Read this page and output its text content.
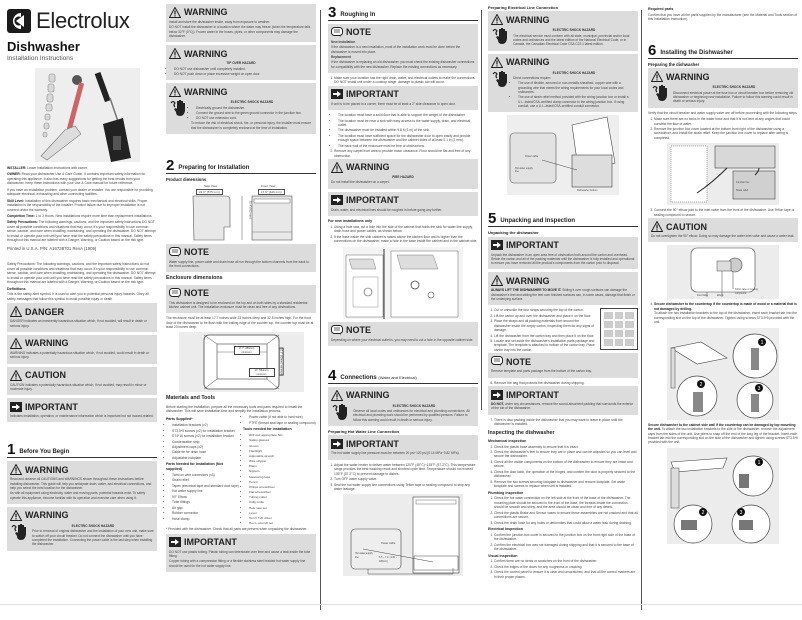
Electrolux
Dishwasher
Installation Instructions

INSTALLER: Leave installation instructions with owner.

OWNER: Read your dishwasher Use & Care Guide. It contains important safety information for operating this appliance. It also has many suggestions for getting the best results from your dishwasher. Keep these instructions with your Use & Care manual for future reference.

If you have an installation problem, contact your dealer or installer. You are responsible for providing adequate electrical, exhausting and other connecting facilities.

Skill Level: Installation of this dishwasher requires basic mechanical and electrical skills. Proper installation is the responsibility of the installer. Product failure due to improper installation is not covered under the warranty.

Completion Time: 1 to 3 Hours. New installations require more time than replacement installations.

Safety Precautions: The following warnings, cautions, and the important safety instructions DO NOT cover all possible conditions and situations that may occur. It's your responsibility to use common sense, caution, and care when installing, maintaining, and operating the dishwasher. DO NOT attempt to install or operate your unit until you have read the safety precautions in this manual. Safety items throughout this manual are labeled with a Danger, Warning, or Caution based on the risk type.

Printed in U.S.A. P/N: A16738701 RevA (1909)

Safety Precautions: The following warnings, cautions, and the important safety instructions do not cover all possible conditions and situations that may occur. It's your responsibility to use common sense, caution, and care when installing, maintaining, and operating the dishwasher. DO NOT attempt to install or operate your unit until you have read the safety precautions in this manual. Safety items throughout this manual are labeled with a Danger, Warning, or Caution based on the risk type.

Definitions

This is the safety alert symbol. It is used to alert you to potential personal injury hazards. Obey all safety messages that follow this symbol to avoid possible injury or death.

DANGER

DANGER indicates an imminently hazardous situation which, if not avoided, will result in death or serious injury.

WARNING

WARNING indicates a potentially hazardous situation which, if not avoided, could result in death or serious injury.

CAUTION

CAUTION indicates a potentially hazardous situation which, if not avoided, may result in minor or moderate injury.

IMPORTANT

Indicates installation, operation, or maintenance information which is important but not hazard-related.

1 Before You Begin
WARNING

Read and observe all CAUTIONS and WARNINGS shown throughout these instructions before installing dishwasher. This guide will help you anticipate drain, water, and electrical connections, and help you select the best location for the dishwasher.

As with all equipment using electricity, water and moving parts, potential hazards exist. To safely operate this appliance, become familiar with its operation and exercise care when using it.

WARNING
ELECTRIC SHOCK HAZARD

Prior to removal of original dishwasher and the installation of your new unit, make sure to switch off your circuit breaker. Do not connect the dishwasher until you have completed the installation. Connecting the power cable is the last step when installing the dishwasher.

WARNING

Install and store the dishwasher inside, away from exposure to weather.

DO NOT install the dishwasher in a location where the water may freeze (when the temperature falls below 32°F (0°C)). Frozen water in the hoses, pipes, or other components may damage the dishwasher.

WARNING
TIP OVER HAZARD
• DO NOT use dishwasher until completely installed.
• DO NOT push down or place excessive weight on open door.
WARNING
ELECTRIC SHOCK HAZARD
• Electrically ground the dishwasher.
• Connect the ground wire to the green ground connector in the junction box.
• DO NOT use extension cord.

To reduce the risk of electrical shock, fire, or personal injury, the installer must ensure that the dishwasher is completely enclosed at the time of installation.

2 Preparing for Installation
Product dimensions
Side View	Front View
22.6" (575 mm)	17.6" (446 mm)
32.4" (822 mm)
NOTE

Water supply line, power cable and drain hose all run through the bottom channels from the back to the front connections.

Enclosure dimensions
NOTE

This dishwasher is designed to be enclosed on the top and on both sides by a standard residential kitchen cabinet unit. The installation enclosure must be clean and free of any obstructions.

The enclosure must be at least 17.7 inches wide 23 inches deep and 32.5 inches high. For the front door of the dishwasher to be flush with the trailing edge of the counter top, the counter top must be at least 23 inches deep.

17.7" (450mm) minimum
23" (584mm) minimum	32.5" (826mm) minimum
Materials and Tools

Before starting the installation, prepare all the necessary tools and parts required to install the dishwasher. This will save installation time and simplify the installation process.

Parts Supplied*
• Installation brackets (x2)
• ST3.5*9 screws (x2) for installation bracket
• ST4*16 screws (x2) for installation bracket
• Condensation strip
• Adjustment caps (x2)
• Cable tie for drain hose
• Adjustable kickplate
Parts Needed for Installation (Not supplied)
• Twist on wire connectors (x3)
• Strain relief
• Tapes (electrical tape and standard duct tape)
• Hot water supply line
• 90° Elbow
• Tube fittings
• Air gap
• Rubber connector
• Hose clamp
• Power cable (if not able to hard wire)
• PTFE (thread seal tape or sealing compound)
Tools needed for installation
• Drill and appropriate bits
• Safety glasses
• Gloves
• Flashlight
• Adjustable wrench
• Wire stripper
• Pliers
• Nippers
• Measuring tape
• Pencil
• Philips screwdriver
• Flat screwdriver
• Tubing cutter
• Utility knife
• Hole saw set
• Level
• Torx® T20 driver
• Hex L-wrench set

* Provided with the dishwasher. Check that all parts are present when unpacking the dishwasher.

IMPORTANT

DO NOT use plastic tubing. Plastic tubing can deteriorate over time and cause a leak inside the tube fitting.

Copper tubing with a compression fitting or a flexible stainless steel braided hot water supply line should be used for the hot water supply line.

3 Roughing In
NOTE

New installation

If the dishwasher is a new installation, most of the installation work must be done before the dishwasher is moved into place.

Replacement

If the dishwasher is replacing an old dishwasher, you must check the existing dishwasher connections for compatibility with the new dishwasher. Replace the existing connections as necessary.

1. Make sure your location has the right drain, water, and electrical outlets to make the connections. DO NOT install unit under a cooktop range, damage to plastic tub will occur.
IMPORTANT

If unit is to be placed in a corner, there must be at least a 2" side clearance to open door.

• The location must have a solid floor that is able to support the weight of the dishwasher.
• The location must be near a sink with easy access to the water supply, drain, and electrical outlet.
• The dishwasher must be installed within 9.8 ft (3 m) of the sink.
• The location must have sufficient space for the dishwasher door to open easily and provide enough space between the dishwasher and the cabinet sides of at least 0.1 in (2 mm).
• The back wall of the enclosure must be free of obstructions.
2. Remove any carpet from area to provide motor clearance. Floor should be flat and free of any obstruction.
WARNING
FIRE HAZARD

Do not install the dishwasher on a carpet.

IMPORTANT

Drain, water, and electrical lines should be roughed in before going any further.

For new installations only
1. Using a hole saw, cut a hole into the side of the cabinet that holds the sink for water line supply, drain hose and power cables, as shown below.
2. If the base inside the sink cabinet is raised above the kitchen floor and is higher than the connections on the dishwasher, make a hole in the base inside the cabinet and in the cabinet side.
NOTE

Depending on where your electrical outlet is, you may need to cut a hole in the opposite cabinet side.

4 Connections (Water and Electrical)
WARNING
ELECTRIC SHOCK HAZARD

Observe all local codes and ordinances for electrical and plumbing connections. All electrical and plumbing work should be performed by qualified persons. Failure to follow this warning could result in death or serious injury.

Preparing Hot Water Line Connection
IMPORTANT

The hot water supply line pressure must be between 20 psi~120 psi (0.14 MPa~0.82 MPa).

1. Adjust the water heater to deliver water between 120°F (49°C)~135°F (57.2°C). This temperature range provides the best washing result and shortest cycle time. Temperature should not exceed 135°F (57.2°C) to prevent damage to dishes.
2. Turn OFF water supply valve.
3. Seal the hot water supply line connections using Teflon tape or sealing compound to stop any water leakage.
Power cable
Hot water supply line	5.5 ~ 7 in. (140 ~ 180mm)
Preparing Electrical Line Connection
WARNING
ELECTRIC SHOCK HAZARD

The electrical service must conform with all state, municipal, provincial and/or local codes and ordinances and the latest edition of the National Electrical Code, or in Canada, the Canadian Electrical Code CSA C22.1 latest edition.

WARNING
ELECTRIC SHOCK HAZARD

Direct connections require:

• The use of flexible, armored or non-metallic sheathed, copper wire with a grounding wire that meets the wiring requirements for your local codes and ordinances.
• The use of strain relief method provided with the wiring junction box or install a U.L.-listed/CSA-certified clamp connector to the wiring junction box. If using conduit, use a U.L.-listed/CSA-certified conduit connector.
Power cable
Hot water supply line
Dishwasher bottom
5 Unpacking and Inspection
Unpacking the dishwasher
IMPORTANT

Unpack the dishwasher in an open area free of obstruction both around the carton and overhead. Retain the carton and all of the packing materials until the dishwasher is fully installed and operational to ensure you have removed all the product's components from the carton prior to disposal.

WARNING

ALWAYS LIFT THE DISHWASHER TO MOVE IT. Sliding it over rough surfaces can damage the dishwasher's feet and sliding the feet over finished surfaces can, in some cases, damage that finish or the underlying surface.

1. Cut or unbuckle the four straps securing the top of the carton.
2. Lift the carton up and over the dishwasher and place it on the floor.
3. Place the straps and all packing materials from around the dishwasher inside the empty carton, inspecting them for any signs of damage.
4. Lift the dishwasher from the carton tray and then place it on the floor.
5. Locate and set aside the dishwasher's installation parts package and template. The template is attached to bottom of the carton tray. Place carton tray into the carton.
NOTE

Remove template and parts package from the bottom of the carton tray.

6. Remove the bag that protects the dishwasher during shipping.
IMPORTANT

DO NOT, under any circumstances, remove the sound-absorbent padding that surrounds the exterior of the tub of the dishwasher.

7. There is also packing inside the dishwasher that you may want to leave in place until the dishwasher is installed.
Inspecting the dishwasher
Mechanical inspection
1. Check the plastic base assembly to ensure that it is intact.
2. Check the dishwasher's feet to ensure they are in place and can be adjusted so you can level and secure the dishwasher.
3. Check all the visible components on the bottom of the dishwasher to ensure they are intact and secure.
4. Check the door latch, the operation of the hinges, and confirm the door is properly secured to the dishwasher.
5. Remove the two screws securing kickplate to dishwasher and remove kickplate. Set aside kickplate and screws to replace when unit is installed.
Plumbing inspection
1. Check the hot water connection on the left side at the front of the base of the dishwasher. The mounting plate should be secured to the front of the base, the threads inside the connection should be smooth and shiny, and the area should be clean and free of any debris.
2. Check the plastic Brake and Sensor cases to ensure these assemblies are not cracked and that all connections are secure.
3. Check the drain hose for any holes or deformities that could allow a water leak during draining.
Electrical inspection
1. Confirm the junction box cover is secured to the junction box on the front right side of the base of the dishwasher.
2. Confirm the electrical box was not damaged during shipping and that it is secured to the base of the dishwasher.
Visual inspection
1. Confirm there are no dents or scratches on the front of the dishwasher.
2. Check the edges of the doors for any roughness or cracking.
3. Check the control panel to ensure it is clear and unscratched, and that all the control markers are in their proper places.
Required parts

Confirm that you have all the parts supplied by the manufacturer (see the Material and Tools section of this Installation Instruction).

6 Installing the Dishwasher
Preparing the dishwasher
WARNING
ELECTRIC SHOCK HAZARD

Disconnect electrical power at the fuse box or circuit breaker box before removing old dishwasher or beginning new installation. Failure to follow this warning could result in death or serious injury.

Verify that the circuit breaker and water supply valve are off before proceeding with the following steps.

1. Make sure there are no kinks in the water hose and that it is not bent at any angles that could constrict the flow of water.
2. Remove the junction box cover located at the bottom front right of the dishwasher using a screwdriver, and install the strain relief. Keep the junction box cover to replace after wiring is completed.
Junction box
Strain relief
3. Connect the 90° elbow joint to the inlet valve from the front of the dishwasher. Use Teflon tape or sealing compound to secure.
CAUTION

Do not overtighten the 90° elbow. Doing so may damage the water inlet valve and cause a water leak.

Inlet Valve	Elbow
Teflon tape or sealing compound
4. Secure dishwasher to the countertop if the countertop is made of wood or a material that is not damaged by drilling.
To attach the two installation brackets to the top of the dishwasher, insert each bracket tab into the corresponding slot on the top of the dishwasher. Tighten using screws ST3.5*9 provided with the unit.
1
2
3

Secure dishwasher to the cabinet side wall if the countertop can be damaged by top mounting the unit. To attach the two installation brackets to the side of the dishwasher, remove the adjustment caps from the sides of the unit. Use pliers to snap off the end of the long leg of the bracket. Insert each bracket tab into the corresponding slot on the side of the dishwasher and tighten using screws ST3.5*9 provided with the unit.

1
2	3
